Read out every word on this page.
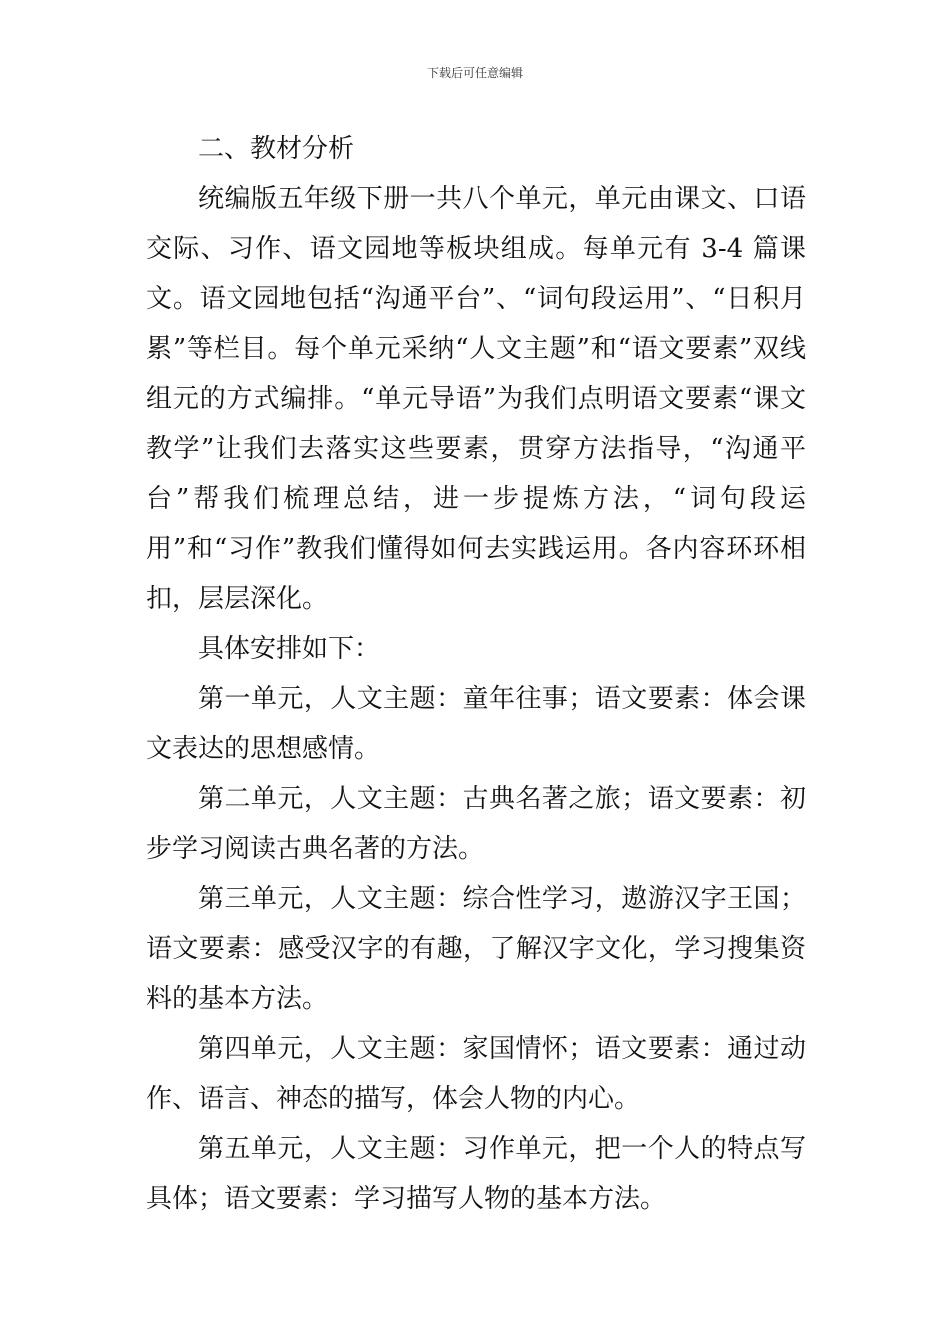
下载后可任意编辑

二、教材分析

统编版五年级下册一共八个单元，单元由课文、口语交际、习作、语文园地等板块组成。每单元有 3-4 篇课文。语文园地包括“沟通平台”、“词句段运用”、“日积月累”等栏目。每个单元采纳“人文主题”和“语文要素”双线组元的方式编排。“单元导语”为我们点明语文要素“课文教学”让我们去落实这些要素，贯穿方法指导，“沟通平台”帮我们梳理总结，进一步提炼方法，“词句段运用”和“习作”教我们懂得如何去实践运用。各内容环环相扣，层层深化。

具体安排如下：

第一单元，人文主题：童年往事；语文要素：体会课文表达的思想感情。

第二单元，人文主题：古典名著之旅；语文要素：初步学习阅读古典名著的方法。

第三单元，人文主题：综合性学习，遨游汉字王国；语文要素：感受汉字的有趣，了解汉字文化，学习搜集资料的基本方法。

第四单元，人文主题：家国情怀；语文要素：通过动作、语言、神态的描写，体会人物的内心。

第五单元，人文主题：习作单元，把一个人的特点写具体；语文要素：学习描写人物的基本方法。
